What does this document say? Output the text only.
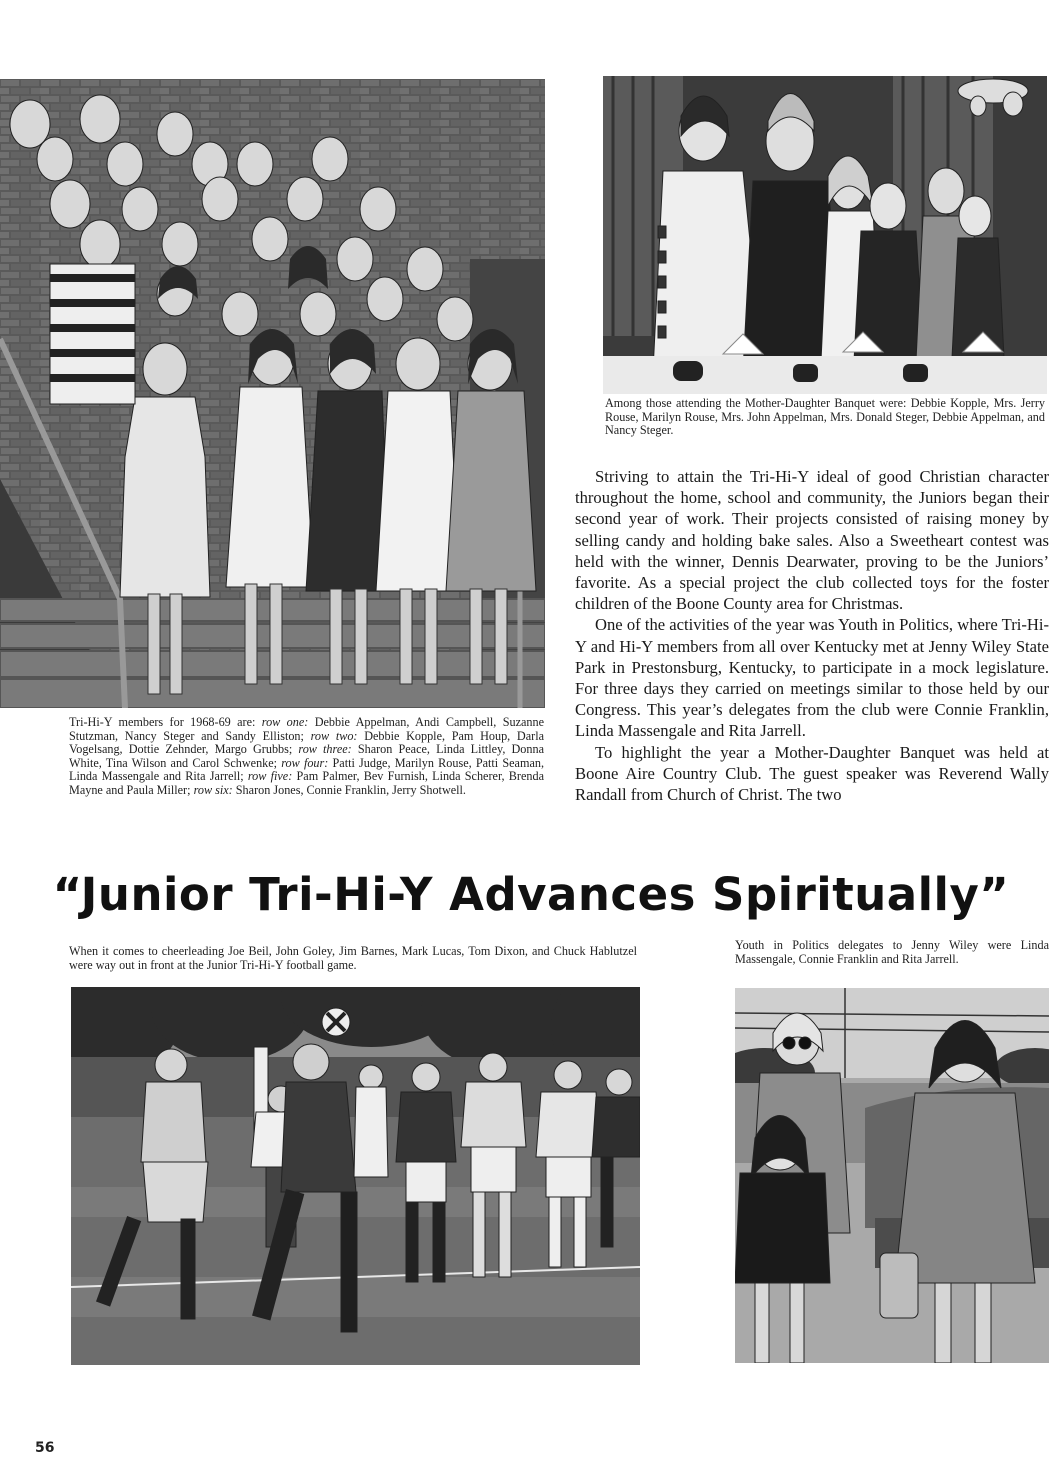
Tri-Hi-Y members for 1968-69 are: row one: Debbie Appelman, Andi Campbell, Suzanne Stutzman, Nancy Steger and Sandy Elliston; row two: Debbie Kopple, Pam Houp, Darla Vogelsang, Dottie Zehnder, Margo Grubbs; row three: Sharon Peace, Linda Littley, Donna White, Tina Wilson and Carol Schwenke; row four: Patti Judge, Marilyn Rouse, Patti Seaman, Linda Massengale and Rita Jarrell; row five: Pam Palmer, Bev Furnish, Linda Scherer, Brenda Mayne and Paula Miller; row six: Sharon Jones, Connie Franklin, Jerry Shotwell.

Among those attending the Mother-Daughter Banquet were: Debbie Kopple, Mrs. Jerry Rouse, Marilyn Rouse, Mrs. John Appelman, Mrs. Donald Steger, Debbie Appelman, and Nancy Steger.

Striving to attain the Tri-Hi-Y ideal of good Christian character throughout the home, school and community, the Juniors began their second year of work. Their projects consisted of raising money by selling candy and holding bake sales. Also a Sweetheart contest was held with the winner, Dennis Dearwater, proving to be the Juniors’ favorite. As a special project the club collected toys for the foster children of the Boone County area for Christmas.

One of the activities of the year was Youth in Politics, where Tri-Hi-Y and Hi-Y members from all over Kentucky met at Jenny Wiley State Park in Prestonsburg, Kentucky, to participate in a mock legislature. For three days they carried on meetings similar to those held by our Congress. This year’s delegates from the club were Connie Franklin, Linda Massengale and Rita Jarrell.

To highlight the year a Mother-Daughter Banquet was held at Boone Aire Country Club. The guest speaker was Reverend Wally Randall from Church of Christ. The two

“Junior Tri-Hi-Y Advances Spiritually”

When it comes to cheerleading Joe Beil, John Goley, Jim Barnes, Mark Lucas, Tom Dixon, and Chuck Hablutzel were way out in front at the Junior Tri-Hi-Y football game.

Youth in Politics delegates to Jenny Wiley were Linda Massengale, Connie Franklin and Rita Jarrell.

56
